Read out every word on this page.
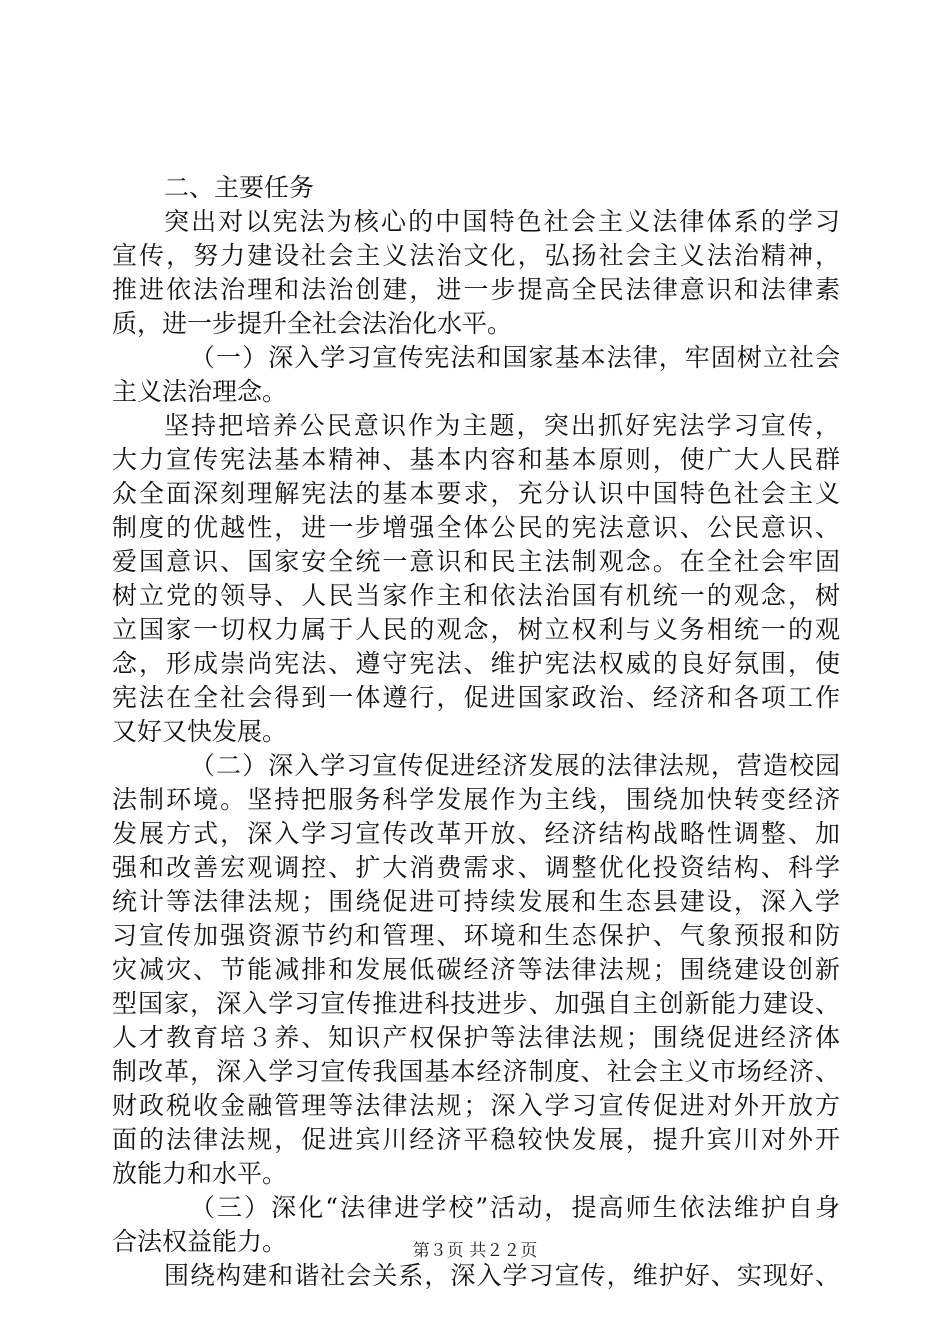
二、主要任务
突出对以宪法为核心的中国特色社会主义法律体系的学习
宣传，努力建设社会主义法治文化，弘扬社会主义法治精神，
推进依法治理和法治创建，进一步提高全民法律意识和法律素
质，进一步提升全社会法治化水平。
（一）深入学习宣传宪法和国家基本法律，牢固树立社会
主义法治理念。
坚持把培养公民意识作为主题，突出抓好宪法学习宣传，
大力宣传宪法基本精神、基本内容和基本原则，使广大人民群
众全面深刻理解宪法的基本要求，充分认识中国特色社会主义
制度的优越性，进一步增强全体公民的宪法意识、公民意识、
爱国意识、国家安全统一意识和民主法制观念。在全社会牢固
树立党的领导、人民当家作主和依法治国有机统一的观念，树
立国家一切权力属于人民的观念，树立权利与义务相统一的观
念，形成崇尚宪法、遵守宪法、维护宪法权威的良好氛围，使
宪法在全社会得到一体遵行，促进国家政治、经济和各项工作
又好又快发展。
（二）深入学习宣传促进经济发展的法律法规，营造校园
法制环境。坚持把服务科学发展作为主线，围绕加快转变经济
发展方式，深入学习宣传改革开放、经济结构战略性调整、加
强和改善宏观调控、扩大消费需求、调整优化投资结构、科学
统计等法律法规；围绕促进可持续发展和生态县建设，深入学
习宣传加强资源节约和管理、环境和生态保护、气象预报和防
灾减灾、节能减排和发展低碳经济等法律法规；围绕建设创新
型国家，深入学习宣传推进科技进步、加强自主创新能力建设、
人才教育培３养、知识产权保护等法律法规；围绕促进经济体
制改革，深入学习宣传我国基本经济制度、社会主义市场经济、
财政税收金融管理等法律法规；深入学习宣传促进对外开放方
面的法律法规，促进宾川经济平稳较快发展，提升宾川对外开
放能力和水平。
（三）深化“法律进学校”活动，提高师生依法维护自身
合法权益能力。
围绕构建和谐社会关系，深入学习宣传，维护好、实现好、
第３页 共２２页
